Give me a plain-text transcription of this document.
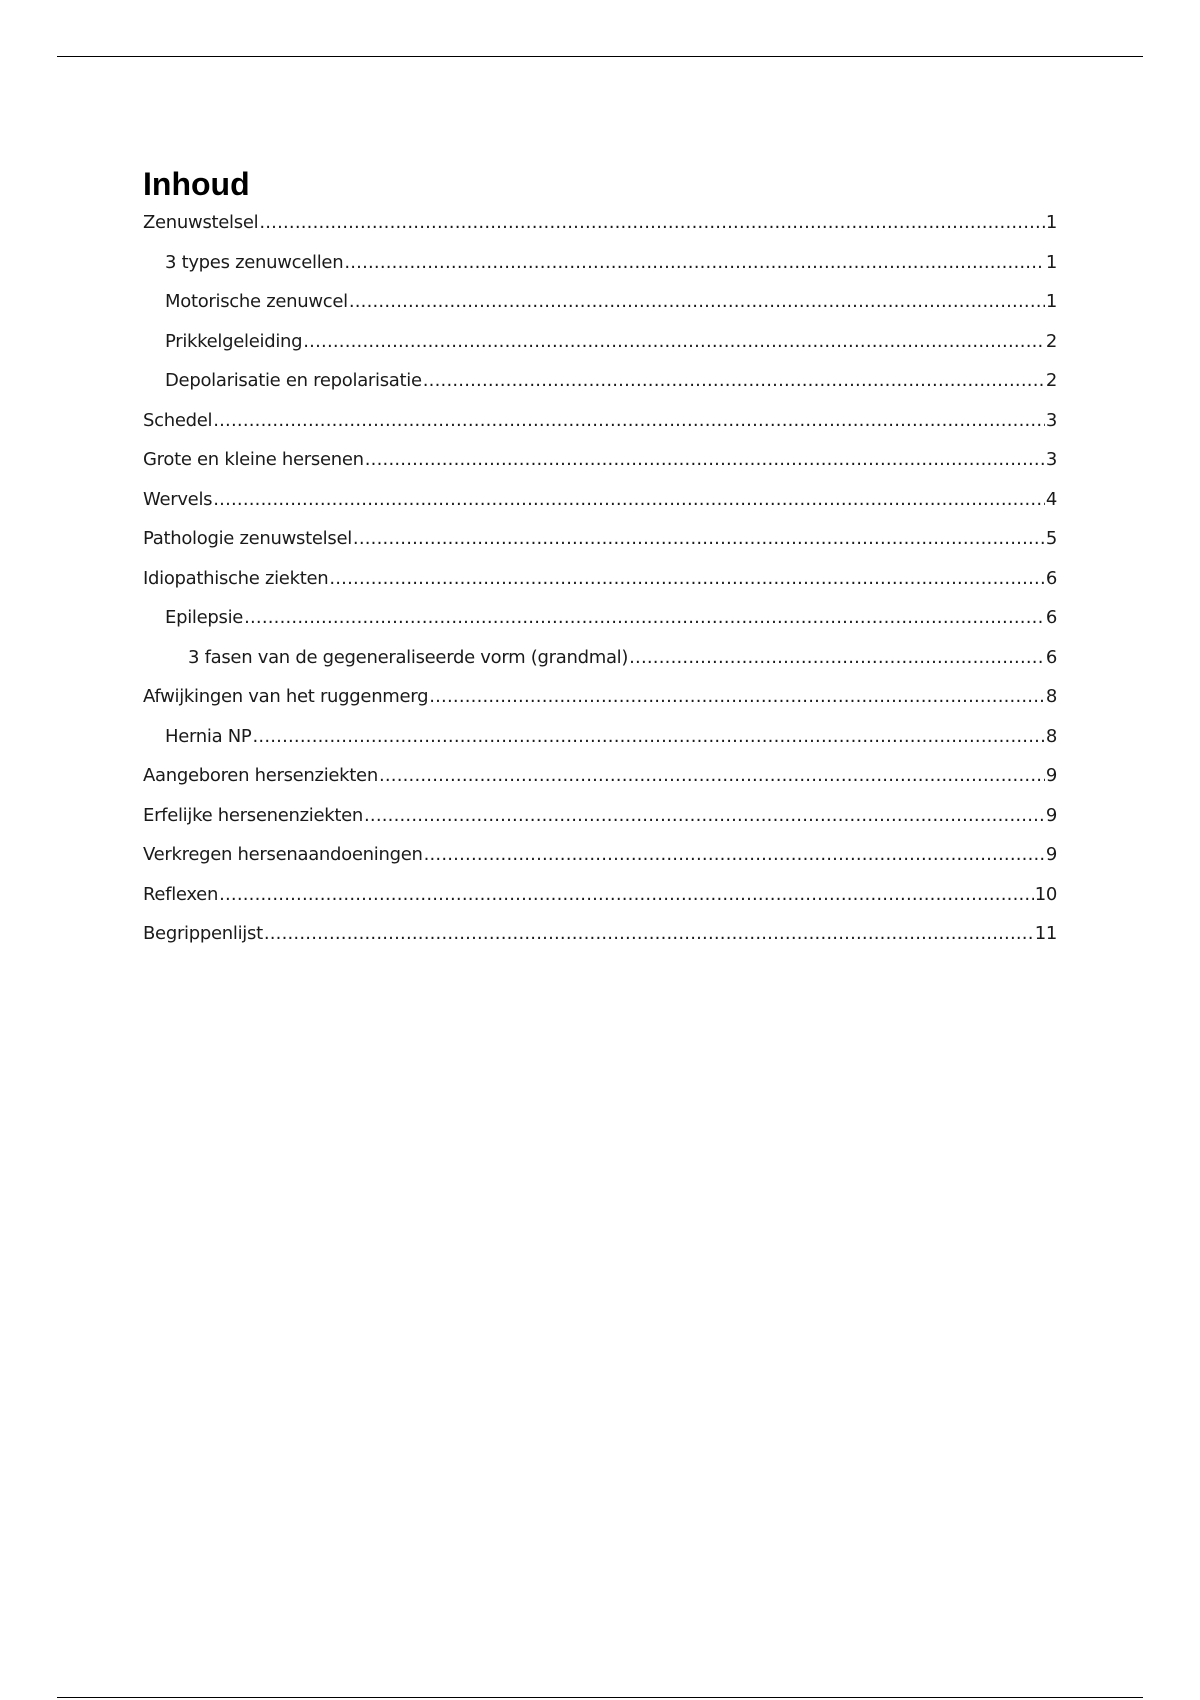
Inhoud
Zenuwstelsel .....	1
3 types zenuwcellen .....	1
Motorische zenuwcel .....	1
Prikkelgeleiding .....	2
Depolarisatie en repolarisatie .....	2
Schedel .....	3
Grote en kleine hersenen .....	3
Wervels .....	4
Pathologie zenuwstelsel .....	5
Idiopathische ziekten .....	6
Epilepsie .....	6
3 fasen van de gegeneraliseerde vorm (grandmal) .....	6
Afwijkingen van het ruggenmerg .....	8
Hernia NP .....	8
Aangeboren hersenziekten .....	9
Erfelijke hersenenziekten .....	9
Verkregen hersenaandoeningen .....	9
Reflexen .....	10
Begrippenlijst .....	11
